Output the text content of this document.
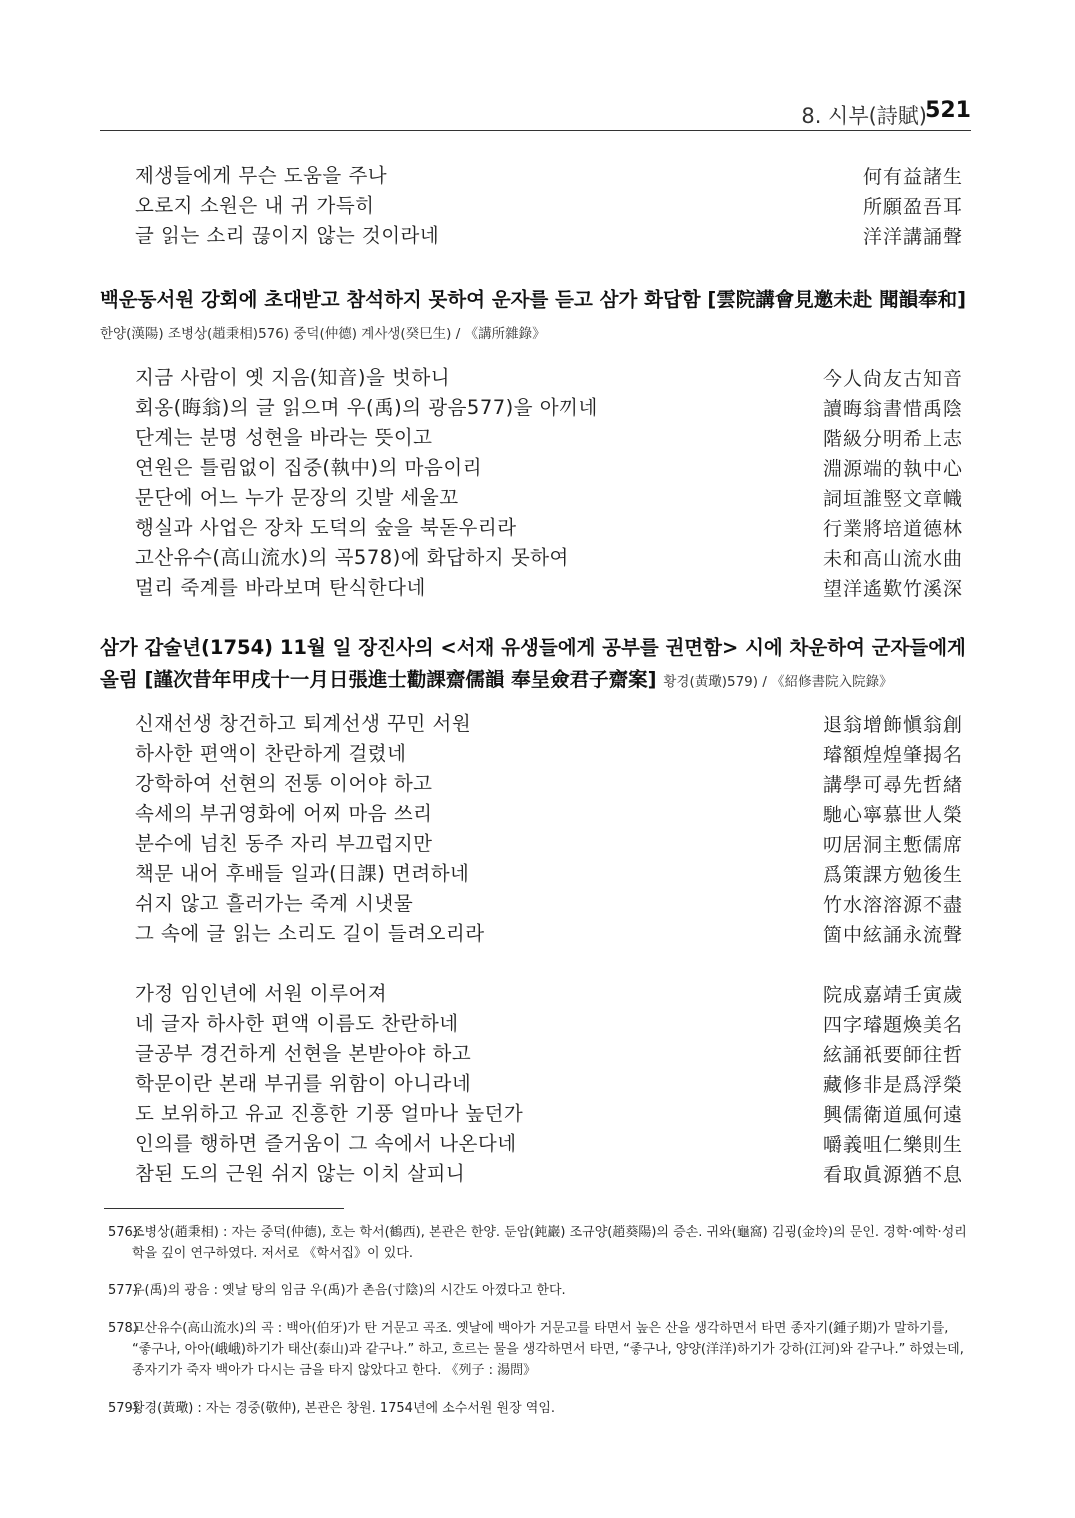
8. 시부(詩賦)
521
제생들에게 무슨 도움을 주나	何有益諸生
오로지 소원은 내 귀 가득히	所願盈吾耳
글 읽는 소리 끊이지 않는 것이라네	洋洋講誦聲
백운동서원 강회에 초대받고 참석하지 못하여 운자를 듣고 삼가 화답함 [雲院講會見邀未赴 聞韻奉和] 한양(漢陽) 조병상(趙秉相)576) 중덕(仲德) 계사생(癸巳生) / 《講所雜錄》
지금 사람이 옛 지음(知音)을 벗하니	今人尙友古知音
회옹(晦翁)의 글 읽으며 우(禹)의 광음577)을 아끼네	讀晦翁書惜禹陰
단계는 분명 성현을 바라는 뜻이고	階級分明希上志
연원은 틀림없이 집중(執中)의 마음이리	淵源端的執中心
문단에 어느 누가 문장의 깃발 세울꼬	詞垣誰竪文章幟
행실과 사업은 장차 도덕의 숲을 북돋우리라	行業將培道德林
고산유수(高山流水)의 곡578)에 화답하지 못하여	未和高山流水曲
멀리 죽계를 바라보며 탄식한다네	望洋遙歎竹溪深
삼가 갑술년(1754) 11월 일 장진사의 <서재 유생들에게 공부를 권면함> 시에 차운하여 군자들에게 올림 [謹次昔年甲戌十一月日張進士勸課齋儒韻 奉呈僉君子齋案] 황경(黃璥)579) / 《紹修書院入院錄》
신재선생 창건하고 퇴계선생 꾸민 서원	退翁增飾愼翁創
하사한 편액이 찬란하게 걸렸네	璿額煌煌肇揭名
강학하여 선현의 전통 이어야 하고	講學可尋先哲緖
속세의 부귀영화에 어찌 마음 쓰리	馳心寧慕世人榮
분수에 넘친 동주 자리 부끄럽지만	叨居洞主慙儒席
책문 내어 후배들 일과(日課) 면려하네	爲策課方勉後生
쉬지 않고 흘러가는 죽계 시냇물	竹水溶溶源不盡
그 속에 글 읽는 소리도 길이 들려오리라	箇中絃誦永流聲
가정 임인년에 서원 이루어져	院成嘉靖壬寅歲
네 글자 하사한 편액 이름도 찬란하네	四字璿題煥美名
글공부 경건하게 선현을 본받아야 하고	絃誦祇要師往哲
학문이란 본래 부귀를 위함이 아니라네	藏修非是爲浮榮
도 보위하고 유교 진흥한 기풍 얼마나 높던가	興儒衛道風何遠
인의를 행하면 즐거움이 그 속에서 나온다네	嚼義咀仁樂則生
참된 도의 근원 쉬지 않는 이치 살피니	看取眞源猶不息
576)
조병상(趙秉相) : 자는 중덕(仲德), 호는 학서(鶴西), 본관은 한양. 둔암(鈍巖) 조규양(趙葵陽)의 증손. 귀와(龜窩) 김굉(金坽)의 문인. 경학·예학·성리학을 깊이 연구하였다. 저서로 《학서집》이 있다.
577)
우(禹)의 광음 : 옛날 탕의 임금 우(禹)가 촌음(寸陰)의 시간도 아꼈다고 한다.
578)
고산유수(高山流水)의 곡 : 백아(伯牙)가 탄 거문고 곡조. 옛날에 백아가 거문고를 타면서 높은 산을 생각하면서 타면 종자기(鍾子期)가 말하기를, “좋구나, 아아(峨峨)하기가 태산(泰山)과 같구나.” 하고, 흐르는 물을 생각하면서 타면, “좋구나, 양양(洋洋)하기가 강하(江河)와 같구나.” 하였는데, 종자기가 죽자 백아가 다시는 금을 타지 않았다고 한다. 《列子 : 湯問》
579)
황경(黃璥) : 자는 경중(敬仲), 본관은 창원. 1754년에 소수서원 원장 역임.
